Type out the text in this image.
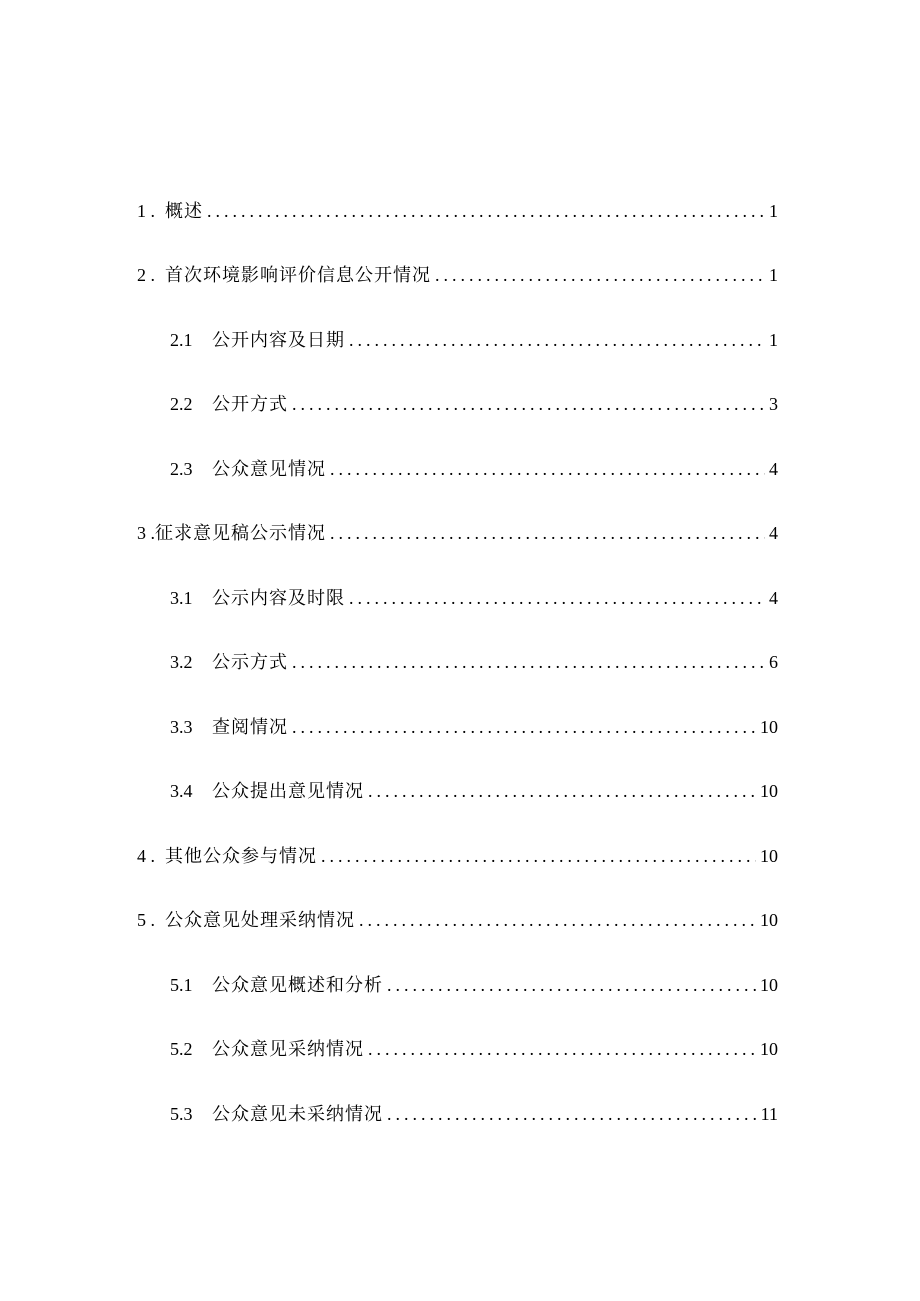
1 . 概述 . . .	1
2 . 首次环境影响评价信息公开情况 . . .	1
2.1	公开内容及日期 . . .	1
2.2	公开方式 . . .	3
2.3	公众意见情况 . . .	4
3 . 征求意见稿公示情况 . . .	4
3.1	公示内容及时限 . . .	4
3.2	公示方式 . . .	6
3.3	查阅情况 . . .	10
3.4	公众提出意见情况 . . .	10
4 . 其他公众参与情况 . . .	10
5 . 公众意见处理采纳情况 . . .	10
5.1	公众意见概述和分析 . . .	10
5.2	公众意见采纳情况 . . .	10
5.3	公众意见未采纳情况 . . .	11
